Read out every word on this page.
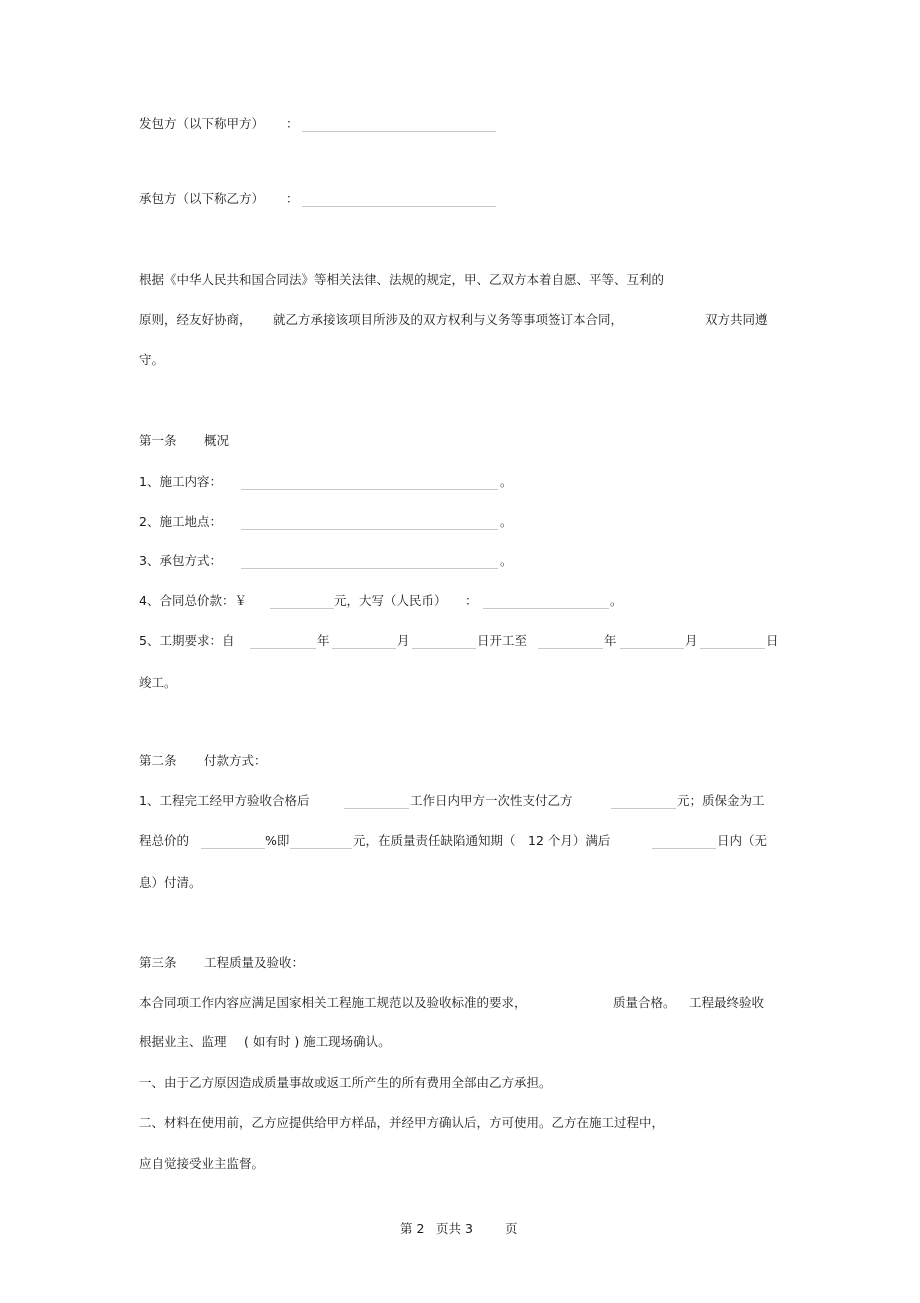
发包方（以下称甲方） ：
承包方（以下称乙方） ：
根据《中华人民共和国合同法》等相关法律、法规的规定，甲、乙双方本着自愿、平等、互利的
原则，经友好协商， 就乙方承接该项目所涉及的双方权利与义务等事项签订本合同，	双方共同遵
守。
第一条 概况
1、施工内容：	。
2、施工地点：	。
3、承包方式：	。
4、合同总价款：￥	元，大写（人民币） ：	。
5、工期要求：自	年	月	日开工至	年	月	日
竣工。
第二条 付款方式：
1、工程完工经甲方验收合格后	工作日内甲方一次性支付乙方	元；质保金为工
程总价的	%即	元，在质量责任缺陷通知期（ 12 个月）满后	日内（无
息）付清。
第三条 工程质量及验收：
本合同项工作内容应满足国家相关工程施工规范以及验收标准的要求，	质量合格。 工程最终验收
根据业主、监理 ( 如有时 ) 施工现场确认。
一、由于乙方原因造成质量事故或返工所产生的所有费用全部由乙方承担。
二、材料在使用前，乙方应提供给甲方样品，并经甲方确认后，方可使用。乙方在施工过程中，
应自觉接受业主监督。
第 2 页共 3	页
